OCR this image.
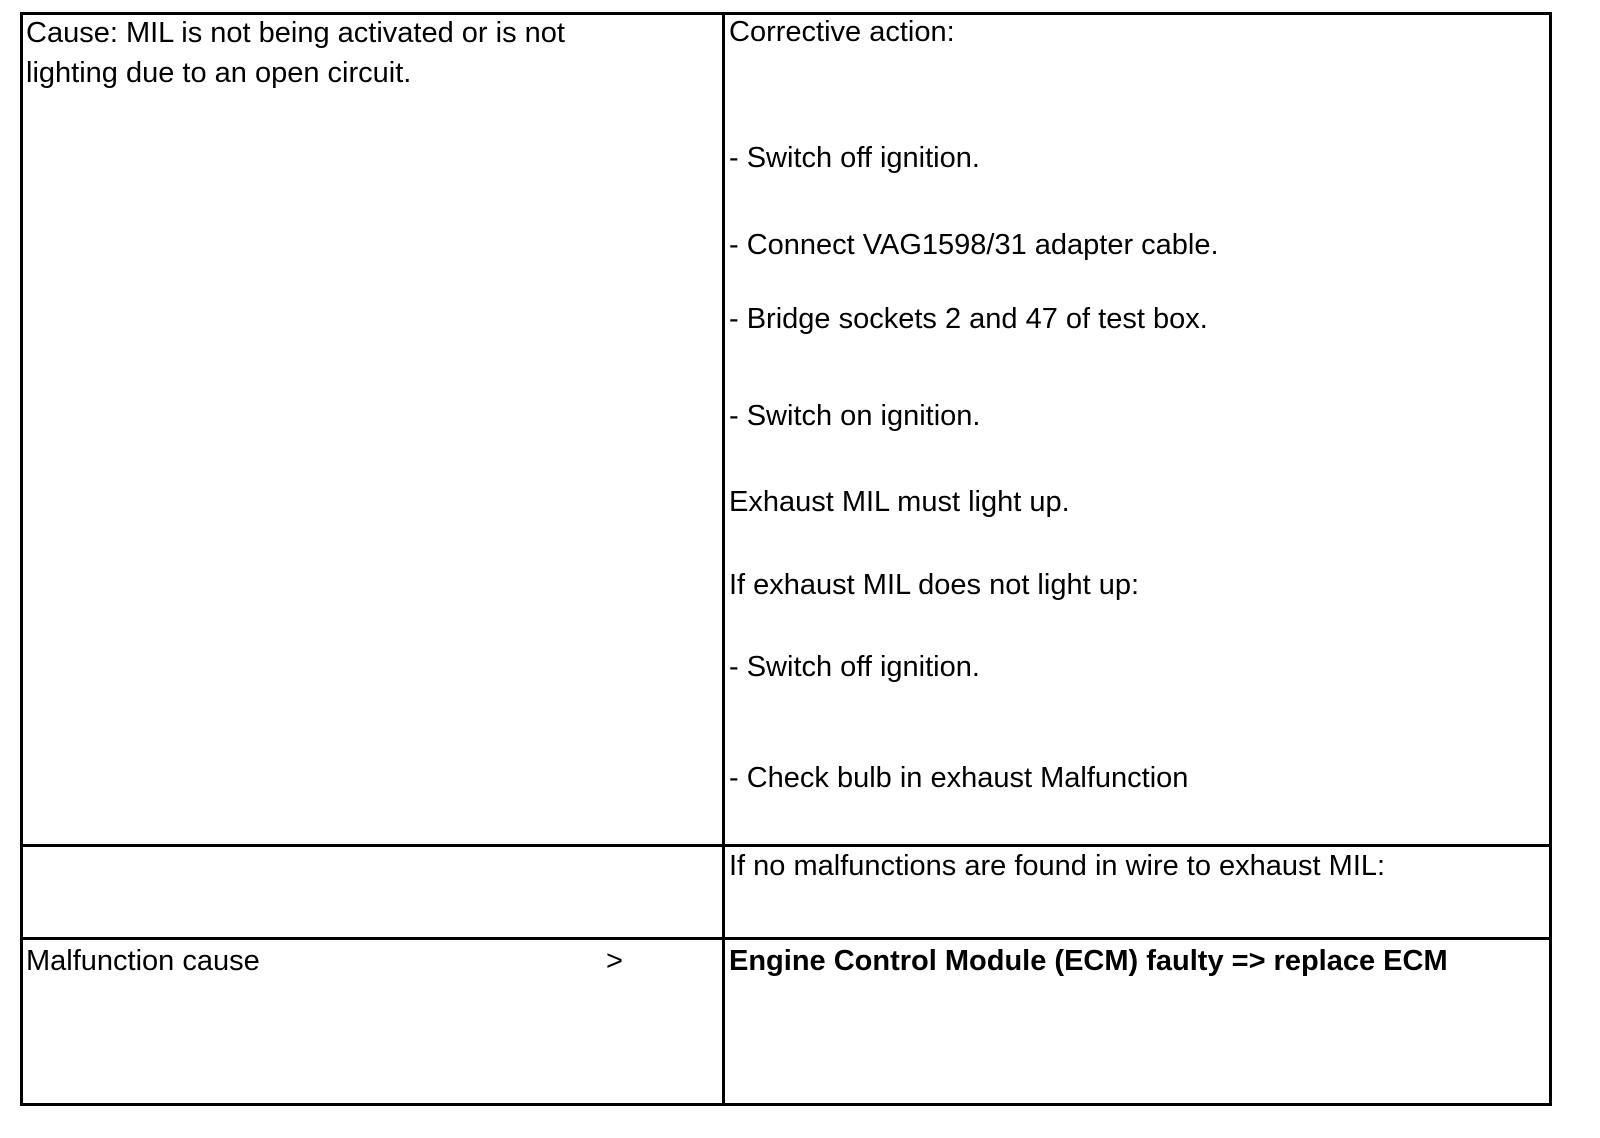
Cause: MIL is not being activated or is not
lighting due to an open circuit.

Corrective action:

- Switch off ignition.

- Connect VAG1598/31 adapter cable.

- Bridge sockets 2 and 47 of test box.

- Switch on ignition.

Exhaust MIL must light up.

If exhaust MIL does not light up:

- Switch off ignition.

- Check bulb in exhaust Malfunction

If no malfunctions are found in wire to exhaust MIL:

Malfunction cause	>	Engine Control Module (ECM) faulty => replace ECM
